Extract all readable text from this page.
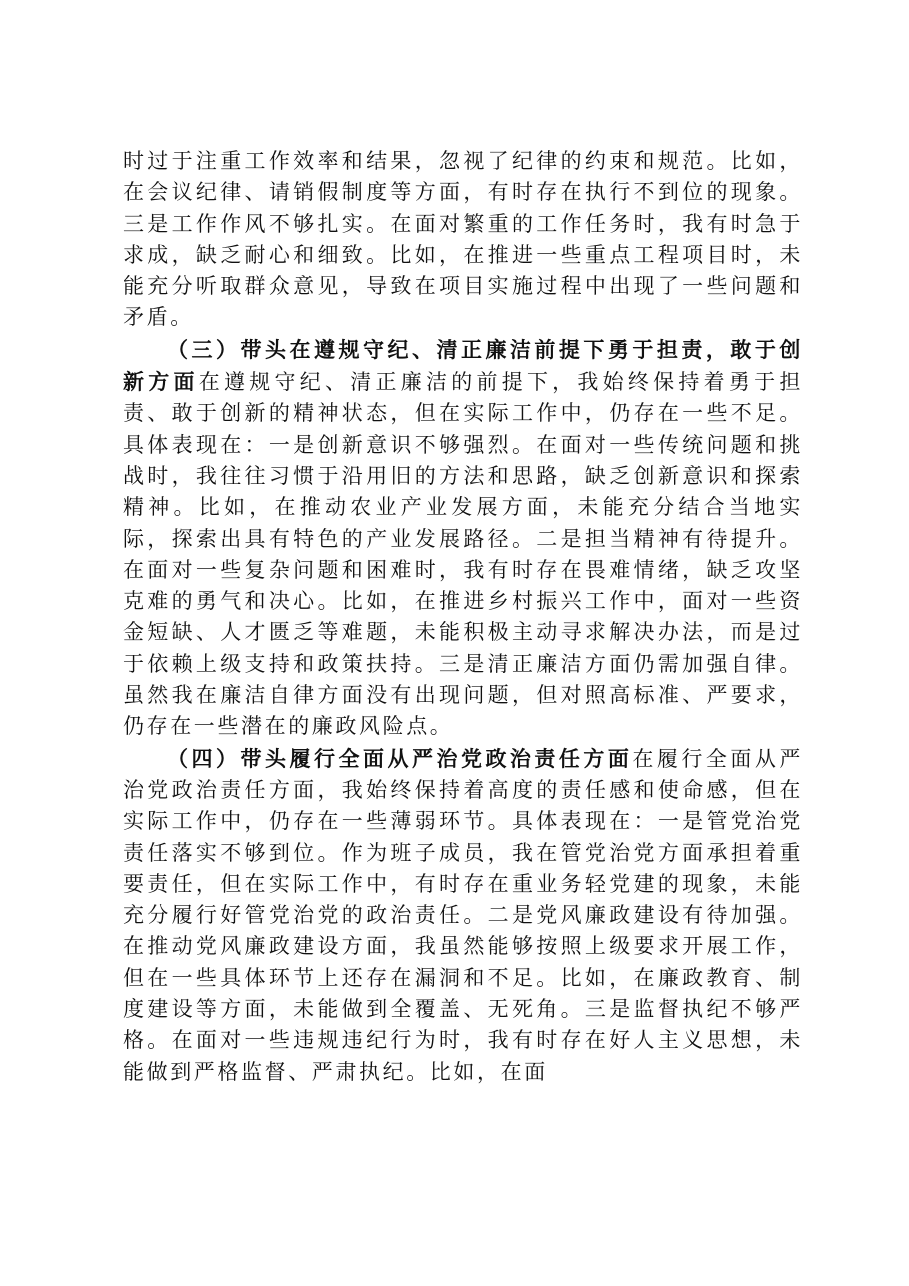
时过于注重工作效率和结果，忽视了纪律的约束和规范。比如，在会议纪律、请销假制度等方面，有时存在执行不到位的现象。三是工作作风不够扎实。在面对繁重的工作任务时，我有时急于求成，缺乏耐心和细致。比如，在推进一些重点工程项目时，未能充分听取群众意见，导致在项目实施过程中出现了一些问题和矛盾。

（三）带头在遵规守纪、清正廉洁前提下勇于担责，敢于创新方面在遵规守纪、清正廉洁的前提下，我始终保持着勇于担责、敢于创新的精神状态，但在实际工作中，仍存在一些不足。具体表现在：一是创新意识不够强烈。在面对一些传统问题和挑战时，我往往习惯于沿用旧的方法和思路，缺乏创新意识和探索精神。比如，在推动农业产业发展方面，未能充分结合当地实际，探索出具有特色的产业发展路径。二是担当精神有待提升。在面对一些复杂问题和困难时，我有时存在畏难情绪，缺乏攻坚克难的勇气和决心。比如，在推进乡村振兴工作中，面对一些资金短缺、人才匮乏等难题，未能积极主动寻求解决办法，而是过于依赖上级支持和政策扶持。三是清正廉洁方面仍需加强自律。虽然我在廉洁自律方面没有出现问题，但对照高标准、严要求，仍存在一些潜在的廉政风险点。

（四）带头履行全面从严治党政治责任方面在履行全面从严治党政治责任方面，我始终保持着高度的责任感和使命感，但在实际工作中，仍存在一些薄弱环节。具体表现在：一是管党治党责任落实不够到位。作为班子成员，我在管党治党方面承担着重要责任，但在实际工作中，有时存在重业务轻党建的现象，未能充分履行好管党治党的政治责任。二是党风廉政建设有待加强。在推动党风廉政建设方面，我虽然能够按照上级要求开展工作，但在一些具体环节上还存在漏洞和不足。比如，在廉政教育、制度建设等方面，未能做到全覆盖、无死角。三是监督执纪不够严格。在面对一些违规违纪行为时，我有时存在好人主义思想，未能做到严格监督、严肃执纪。比如，在面
